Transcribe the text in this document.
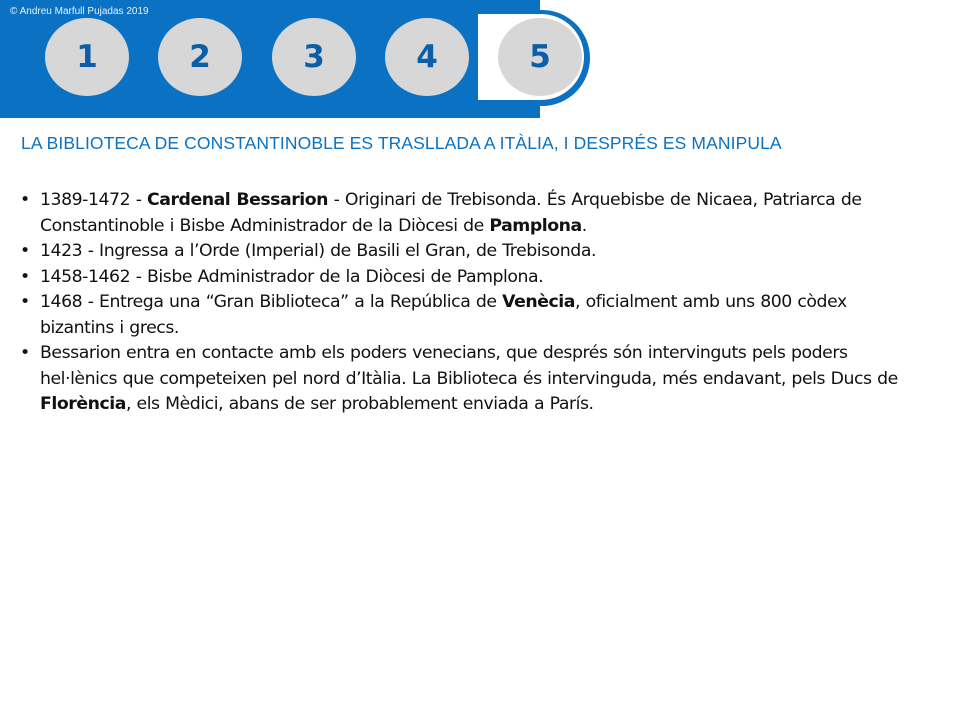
© Andreu Marfull Pujadas 2019
1	2	3	4	5
LA BIBLIOTECA DE CONSTANTINOBLE ES TRASLLADA A ITÀLIA, I DESPRÉS ES MANIPULA
• 1389-1472 - Cardenal Bessarion - Originari de Trebisonda. És Arquebisbe de Nicaea, Patriarca de Constantinoble i Bisbe Administrador de la Diòcesi de Pamplona.
• 1423 - Ingressa a l’Orde (Imperial) de Basili el Gran, de Trebisonda.
• 1458-1462 - Bisbe Administrador de la Diòcesi de Pamplona.
• 1468 - Entrega una “Gran Biblioteca” a la República de Venècia, oficialment amb uns 800 còdex bizantins i grecs.
• Bessarion entra en contacte amb els poders venecians, que després són intervinguts pels poders hel·lènics que competeixen pel nord d’Itàlia. La Biblioteca és intervinguda, més endavant, pels Ducs de Florència, els Mèdici, abans de ser probablement enviada a París.
